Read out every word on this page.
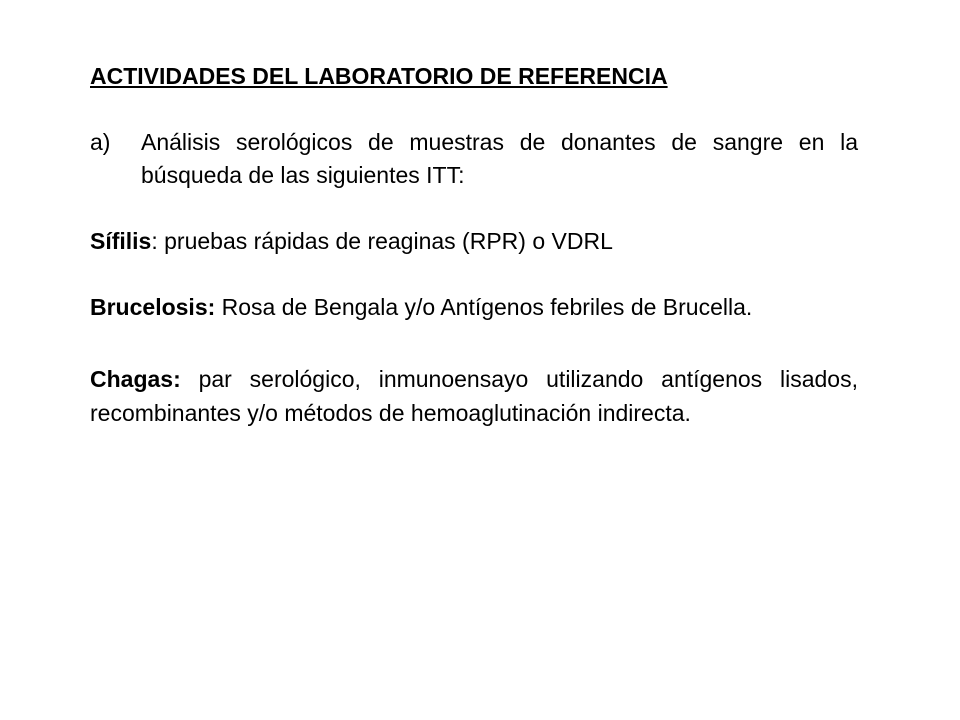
ACTIVIDADES DEL LABORATORIO DE REFERENCIA
a) Análisis serológicos de muestras de donantes de sangre en la búsqueda de las siguientes ITT:
Sífilis: pruebas rápidas de reaginas (RPR) o VDRL
Brucelosis: Rosa de Bengala y/o Antígenos febriles de Brucella.
Chagas: par serológico, inmunoensayo utilizando antígenos lisados, recombinantes y/o métodos de hemoaglutinación indirecta.
